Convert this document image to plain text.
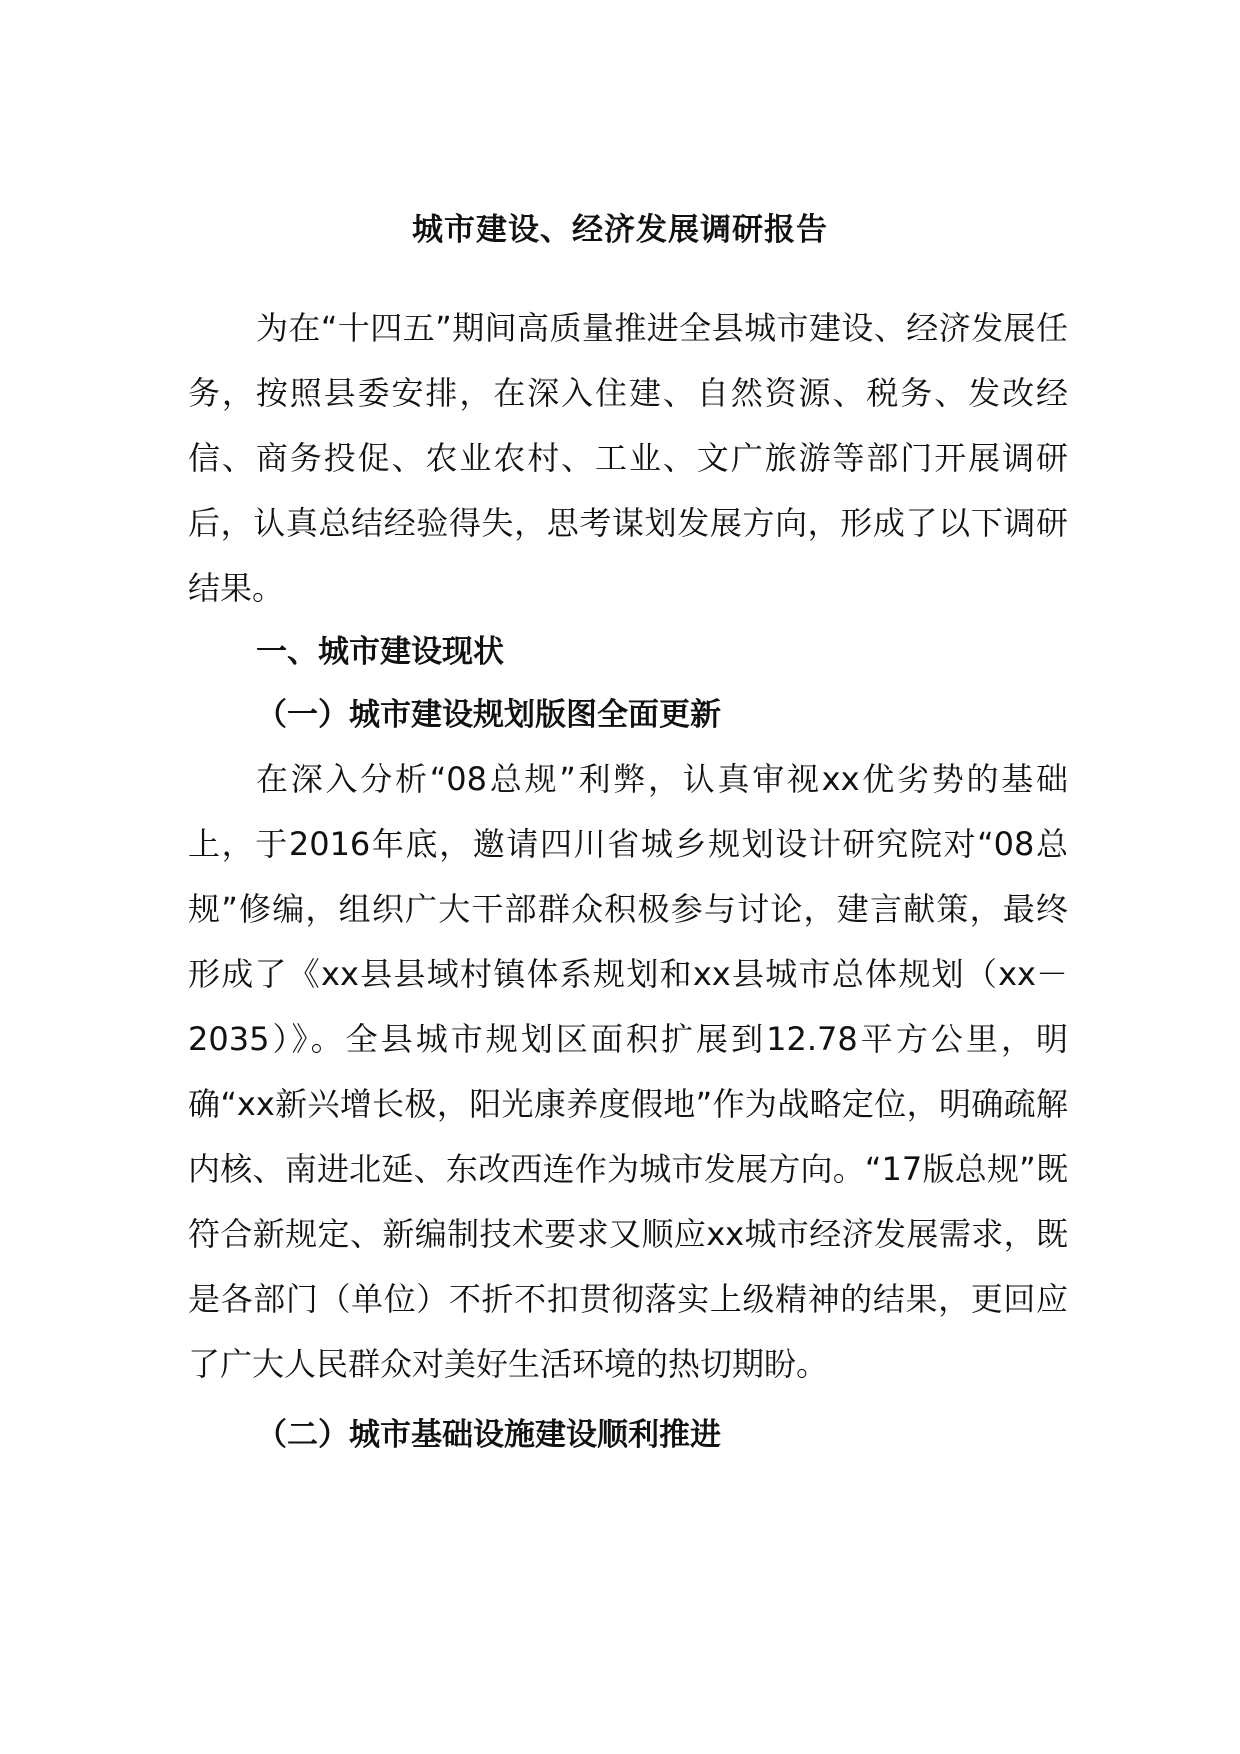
城市建设、经济发展调研报告

为在“十四五”期间高质量推进全县城市建设、经济发展任务，按照县委安排，在深入住建、自然资源、税务、发改经信、商务投促、农业农村、工业、文广旅游等部门开展调研后，认真总结经验得失，思考谋划发展方向，形成了以下调研结果。

一、城市建设现状

（一）城市建设规划版图全面更新

在深入分析“08总规”利弊，认真审视xx优劣势的基础上，于2016年底，邀请四川省城乡规划设计研究院对“08总规”修编，组织广大干部群众积极参与讨论，建言献策，最终形成了《xx县县域村镇体系规划和xx县城市总体规划（xx－2035）》。全县城市规划区面积扩展到12.78平方公里，明确“xx新兴增长极，阳光康养度假地”作为战略定位，明确疏解内核、南进北延、东改西连作为城市发展方向。“17版总规”既符合新规定、新编制技术要求又顺应xx城市经济发展需求，既是各部门（单位）不折不扣贯彻落实上级精神的结果，更回应了广大人民群众对美好生活环境的热切期盼。

（二）城市基础设施建设顺利推进
